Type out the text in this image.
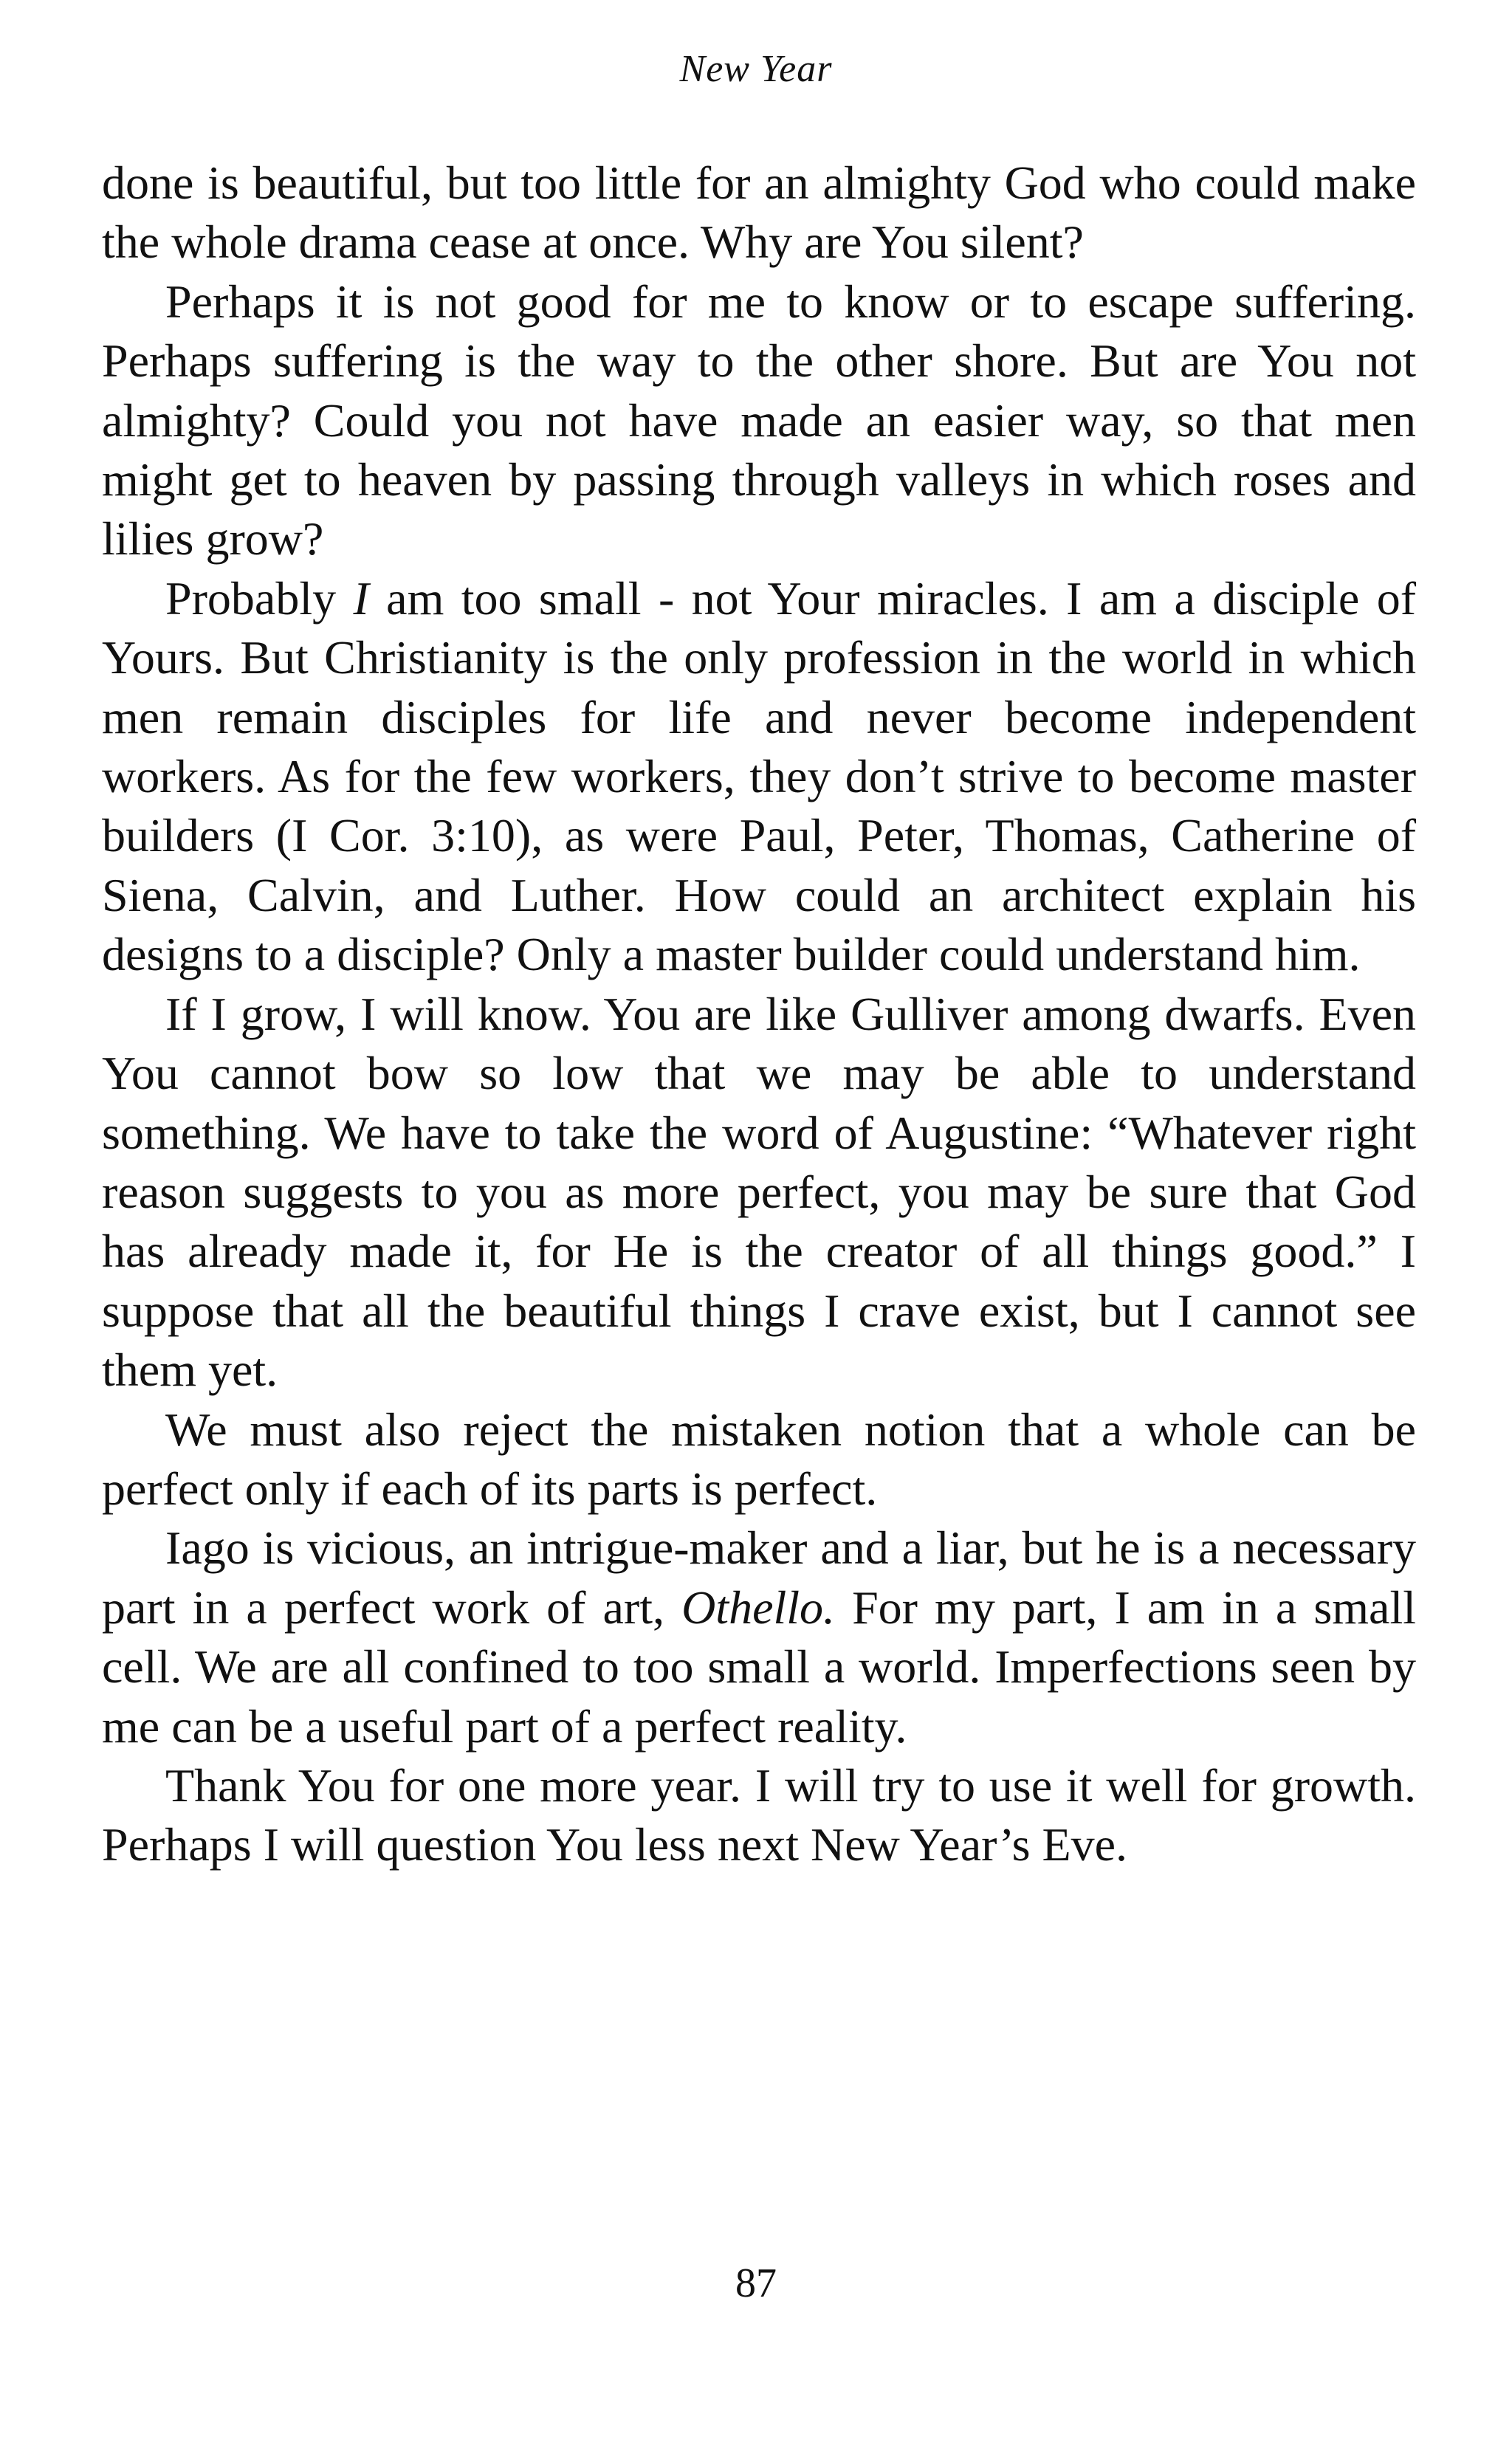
New Year

done is beautiful, but too little for an almighty God who could make the whole drama cease at once. Why are You silent?

Perhaps it is not good for me to know or to escape suffering. Perhaps suffering is the way to the other shore. But are You not almighty? Could you not have made an easier way, so that men might get to heaven by passing through valleys in which roses and lilies grow?

Probably I am too small - not Your miracles. I am a disciple of Yours. But Christianity is the only profession in the world in which men remain disciples for life and never become independent workers. As for the few workers, they don’t strive to become master builders (I Cor. 3:10), as were Paul, Peter, Thomas, Catherine of Siena, Calvin, and Luther. How could an architect explain his designs to a disciple? Only a master builder could understand him.

If I grow, I will know. You are like Gulliver among dwarfs. Even You cannot bow so low that we may be able to understand something. We have to take the word of Augustine: “Whatever right reason suggests to you as more perfect, you may be sure that God has already made it, for He is the creator of all things good.” I suppose that all the beautiful things I crave exist, but I cannot see them yet.

We must also reject the mistaken notion that a whole can be perfect only if each of its parts is perfect.

Iago is vicious, an intrigue-maker and a liar, but he is a necessary part in a perfect work of art, Othello. For my part, I am in a small cell. We are all confined to too small a world. Imperfections seen by me can be a useful part of a perfect reality.

Thank You for one more year. I will try to use it well for growth. Perhaps I will question You less next New Year’s Eve.

87
